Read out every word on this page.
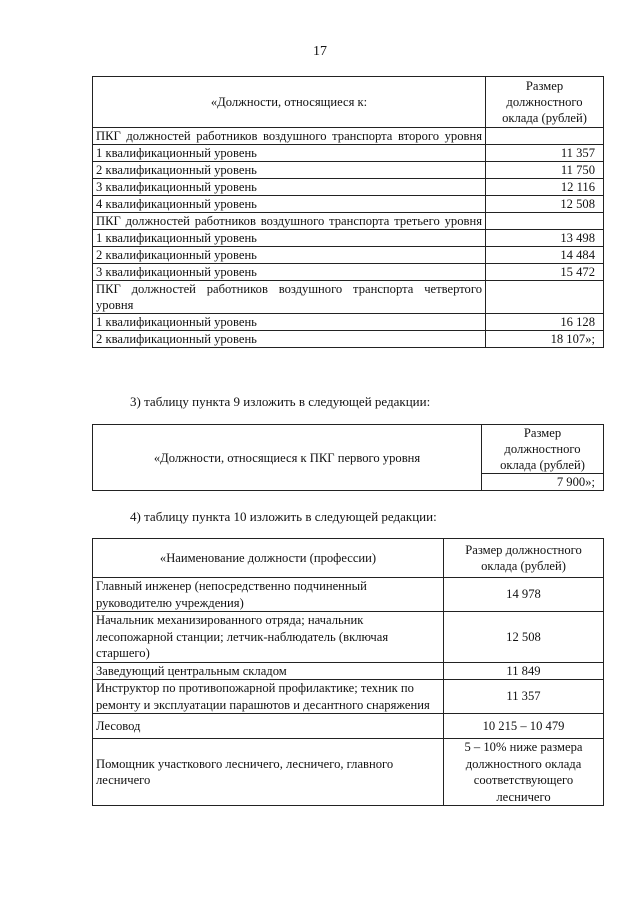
17
«Должности, относящиеся к:	Размер должностного оклада (рублей)
ПКГ должностей работников воздушного транспорта второго уровня	
1 квалификационный уровень	11 357
2 квалификационный уровень	11 750
3 квалификационный уровень	12 116
4 квалификационный уровень	12 508
ПКГ должностей работников воздушного транспорта третьего уровня	
1 квалификационный уровень	13 498
2 квалификационный уровень	14 484
3 квалификационный уровень	15 472
ПКГ должностей работников воздушного транспорта четвертого уровня	
1 квалификационный уровень	16 128
2 квалификационный уровень	18 107»;
3) таблицу пункта 9 изложить в следующей редакции:
«Должности, относящиеся к ПКГ первого уровня	Размер должностного оклада (рублей)
7 900»;
4) таблицу пункта 10 изложить в следующей редакции:
«Наименование должности (профессии)	Размер должностного оклада (рублей)
Главный инженер (непосредственно подчиненный руководителю учреждения)	14 978
Начальник механизированного отряда; начальник лесопожарной станции; летчик-наблюдатель (включая старшего)	12 508
Заведующий центральным складом	11 849
Инструктор по противопожарной профилактике; техник по ремонту и эксплуатации парашютов и десантного снаряжения	11 357
Лесовод	10 215 – 10 479
Помощник участкового лесничего, лесничего, главного лесничего	5 – 10% ниже размера должностного оклада соответствующего лесничего
